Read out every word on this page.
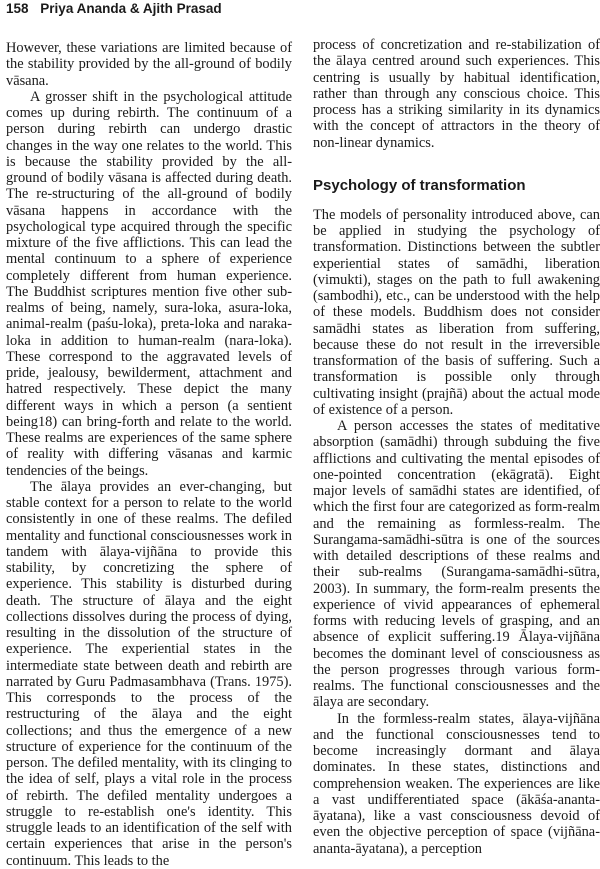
158 Priya Ananda & Ajith Prasad

However, these variations are limited because of the stability provided by the all-ground of bodily vāsana.

A grosser shift in the psychological attitude comes up during rebirth. The continuum of a person during rebirth can undergo drastic changes in the way one relates to the world. This is because the stability provided by the all-ground of bodily vāsana is affected during death. The re-structuring of the all-ground of bodily vāsana happens in accordance with the psychological type acquired through the specific mixture of the five afflictions. This can lead the mental continuum to a sphere of experience completely different from human experience. The Buddhist scriptures mention five other sub-realms of being, namely, sura-loka, asura-loka, animal-realm (paśu-loka), preta-loka and naraka-loka in addition to human-realm (nara-loka). These correspond to the aggravated levels of pride, jealousy, bewilderment, attachment and hatred respectively. These depict the many different ways in which a person (a sentient being18) can bring-forth and relate to the world. These realms are experiences of the same sphere of reality with differing vāsanas and karmic tendencies of the beings.

The ālaya provides an ever-changing, but stable context for a person to relate to the world consistently in one of these realms. The defiled mentality and functional consciousnesses work in tandem with ālaya-vijñāna to provide this stability, by concretizing the sphere of experience. This stability is disturbed during death. The structure of ālaya and the eight collections dissolves during the process of dying, resulting in the dissolution of the structure of experience. The experiential states in the intermediate state between death and rebirth are narrated by Guru Padmasambhava (Trans. 1975). This corresponds to the process of the restructuring of the ālaya and the eight collections; and thus the emergence of a new structure of experience for the continuum of the person. The defiled mentality, with its clinging to the idea of self, plays a vital role in the process of rebirth. The defiled mentality undergoes a struggle to re-establish one's identity. This struggle leads to an identification of the self with certain experiences that arise in the person's continuum. This leads to the

process of concretization and re-stabilization of the ālaya centred around such experiences. This centring is usually by habitual identification, rather than through any conscious choice. This process has a striking similarity in its dynamics with the concept of attractors in the theory of non-linear dynamics.

Psychology of transformation

The models of personality introduced above, can be applied in studying the psychology of transformation. Distinctions between the subtler experiential states of samādhi, liberation (vimukti), stages on the path to full awakening (sambodhi), etc., can be understood with the help of these models. Buddhism does not consider samādhi states as liberation from suffering, because these do not result in the irreversible transformation of the basis of suffering. Such a transformation is possible only through cultivating insight (prajñā) about the actual mode of existence of a person.

A person accesses the states of meditative absorption (samādhi) through subduing the five afflictions and cultivating the mental episodes of one-pointed concentration (ekāgratā). Eight major levels of samādhi states are identified, of which the first four are categorized as form-realm and the remaining as formless-realm. The Surangama-samādhi-sūtra is one of the sources with detailed descriptions of these realms and their sub-realms (Surangama-samādhi-sūtra, 2003). In summary, the form-realm presents the experience of vivid appearances of ephemeral forms with reducing levels of grasping, and an absence of explicit suffering.19 Ālaya-vijñāna becomes the dominant level of consciousness as the person progresses through various form-realms. The functional consciousnesses and the ālaya are secondary.

In the formless-realm states, ālaya-vijñāna and the functional consciousnesses tend to become increasingly dormant and ālaya dominates. In these states, distinctions and comprehension weaken. The experiences are like a vast undifferentiated space (ākāśa-ananta-āyatana), like a vast consciousness devoid of even the objective perception of space (vijñāna-ananta-āyatana), a perception
